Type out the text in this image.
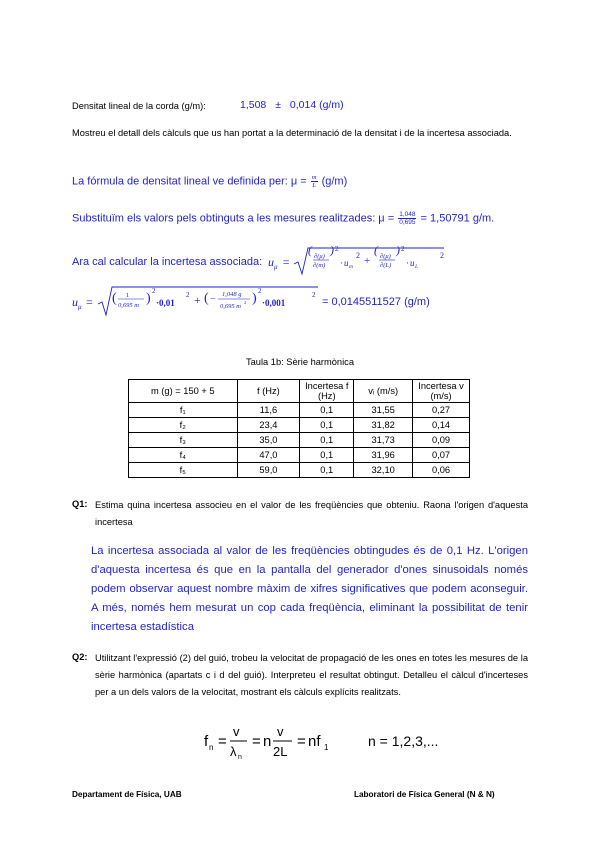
Densitat lineal de la corda (g/m):	1,508 ± 0,014 (g/m)
Mostreu el detall dels càlculs que us han portat a la determinació de la densitat i de la incertesa associada.
La fórmula de densitat lineal ve definida per: $\mu = \frac{m}{L} (g/m)$
Substituïm els valors pels obtinguts a les mesures realitzades: $\mu = \frac{1,048}{0,695} = 1,50791$ g/m.
Ara cal calcular la incertesa associada: u μ =
( ∂(μ)
∂(m)
) 2
· u m
2 +
( ∂(μ)
∂(L)
) 2
· u L
2
u μ = ( 1
0,695 m ) 2
·0,01
2 + ( − 1,048 g
0,695 m
2 ) 2
·0,001
2
= 0,0145511527 (g/m)
Taula 1b: Sèrie harmònica
m (g) = 150 + 5	f (Hz)	Incertesa f (Hz)	vᵢ (m/s)	Incertesa v (m/s)
f₁	11,6	0,1	31,55	0,27
f₂	23,4	0,1	31,82	0,14
f₃	35,0	0,1	31,73	0,09
f₄	47,0	0,1	31,96	0,07
f₅	59,0	0,1	32,10	0,06
Q1: Estima quina incertesa associeu en el valor de les freqüències que obteniu. Raona l'origen d'aquesta incertesa
La incertesa associada al valor de les freqüències obtingudes és de 0,1 Hz. L'origen d'aquesta incertesa és que en la pantalla del generador d'ones sinusoidals només podem observar aquest nombre màxim de xifres significatives que podem aconseguir. A més, només hem mesurat un cop cada freqüència, eliminant la possibilitat de tenir incertesa estadística
Q2: Utilitzant l'expressió (2) del guió, trobeu la velocitat de propagació de les ones en totes les mesures de la sèrie harmònica (apartats c i d del guió). Interpreteu el resultat obtingut. Detalleu el càlcul d'incerteses per a un dels valors de la velocitat, mostrant els càlculs explícits realitzats.
f n =
v
λ n
= n
v
2L
= nf 1	n = 1,2,3,...
Departament de Física, UAB	Laboratori de Física General (N & N)
